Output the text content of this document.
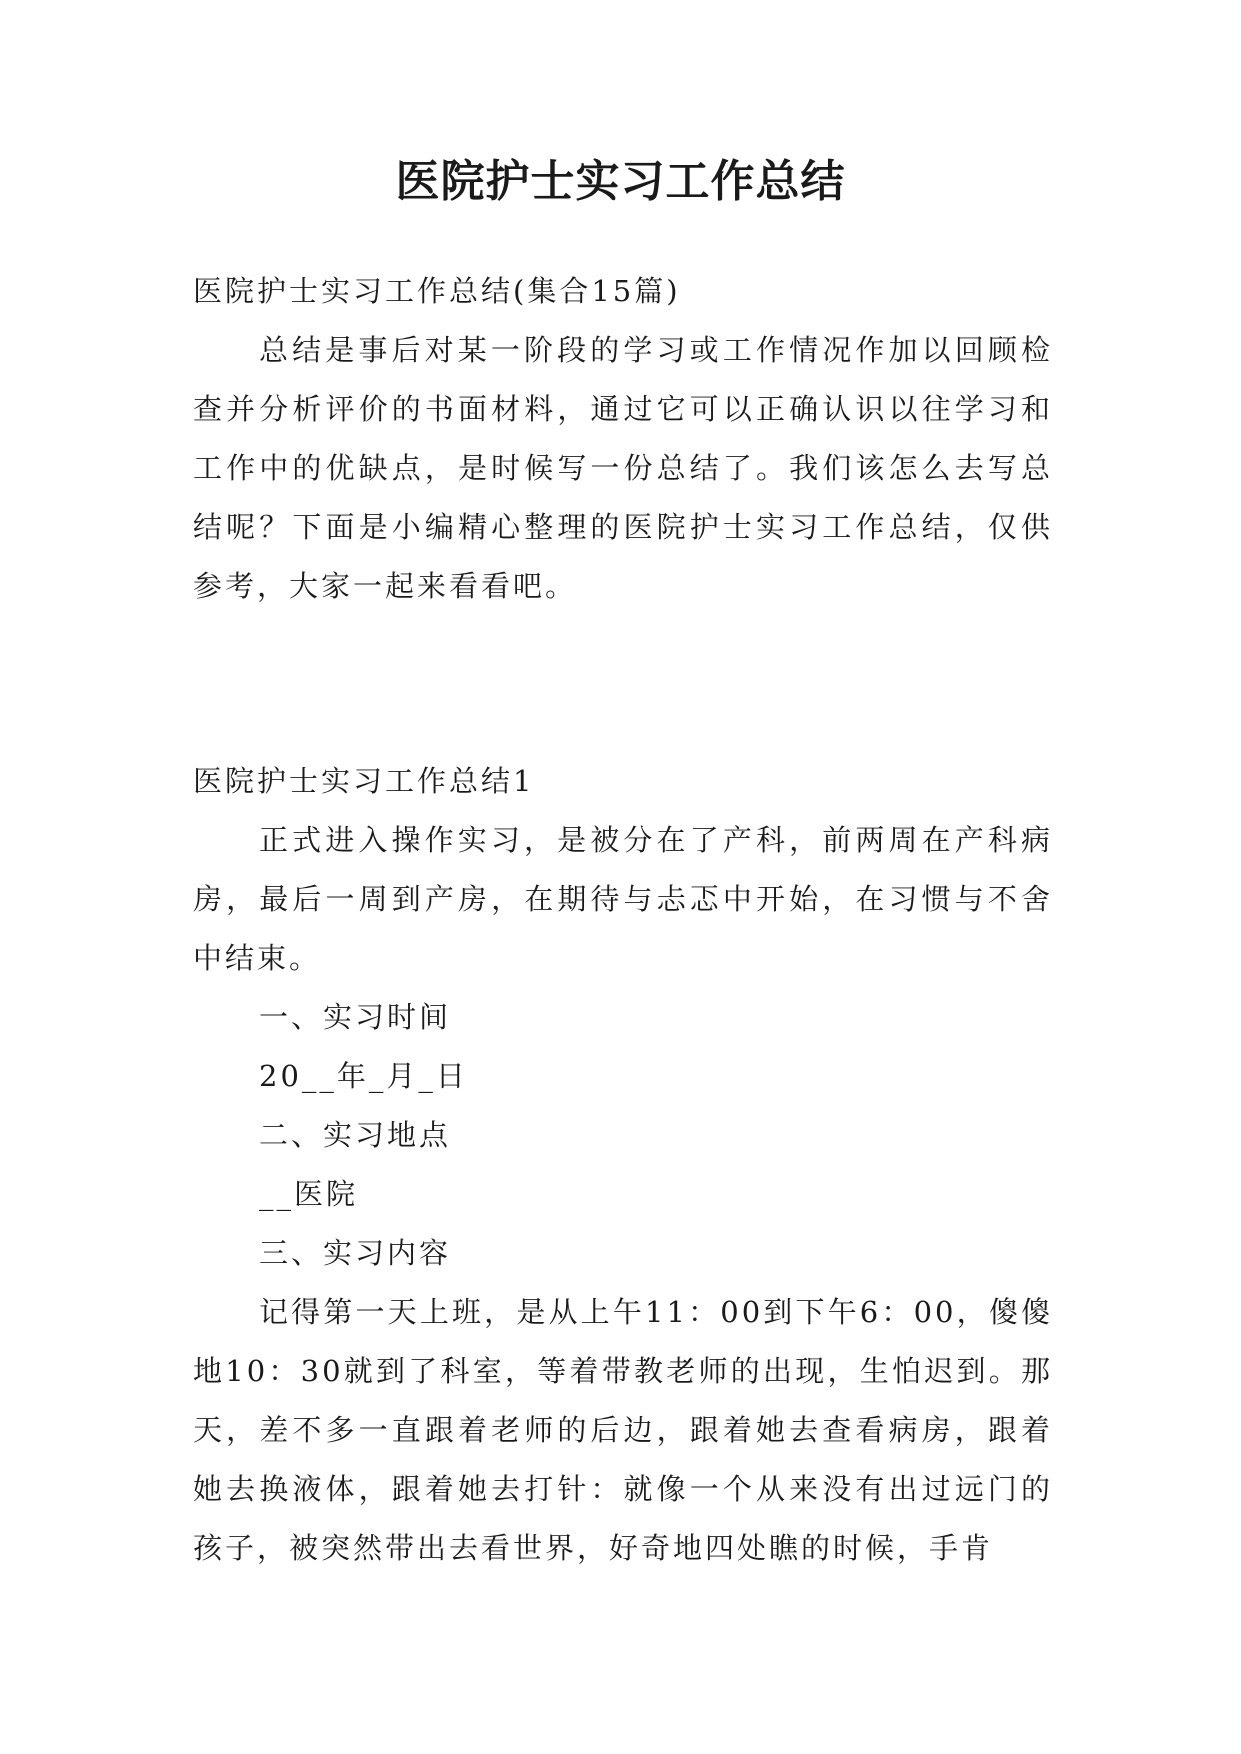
医院护士实习工作总结

医院护士实习工作总结(集合15篇)

总结是事后对某一阶段的学习或工作情况作加以回顾检查并分析评价的书面材料，通过它可以正确认识以往学习和工作中的优缺点，是时候写一份总结了。我们该怎么去写总结呢？下面是小编精心整理的医院护士实习工作总结，仅供参考，大家一起来看看吧。

医院护士实习工作总结1

正式进入操作实习，是被分在了产科，前两周在产科病房，最后一周到产房，在期待与忐忑中开始，在习惯与不舍中结束。

一、实习时间

20__年_月_日

二、实习地点

__医院

三、实习内容

记得第一天上班，是从上午11：00到下午6：00，傻傻地10：30就到了科室，等着带教老师的出现，生怕迟到。那天，差不多一直跟着老师的后边，跟着她去查看病房，跟着她去换液体，跟着她去打针：就像一个从来没有出过远门的孩子，被突然带出去看世界，好奇地四处瞧的时候，手肯
